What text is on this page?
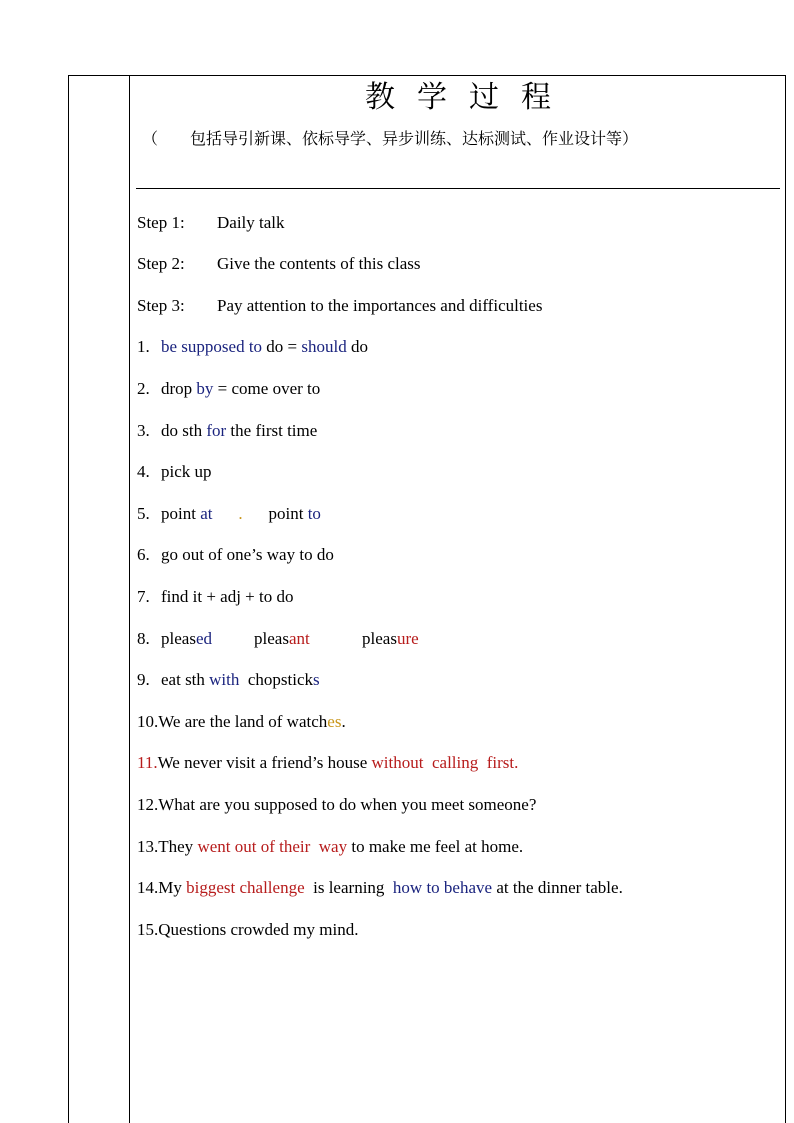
教学过程
（　　包括导引新课、依标导学、异步训练、达标测试、作业设计等）
Step 1: Daily talk
Step 2: Give the contents of this class
Step 3: Pay attention to the importances and difficulties
1. be supposed to do = should do
2. drop by = come over to
3. do sth for the first time
4. pick up
5. point at . point to
6. go out of one’s way to do
7. find it + adj + to do
8. pleased pleasant	pleasure
9. eat sth with  chopsticks
10.We are the land of watches.
11.We never visit a friend’s house without  calling  first.
12.What are you supposed to do when you meet someone?
13.They went out of their  way to make me feel at home.
14.My biggest challenge  is learning  how to behave at the dinner table.
15.Questions crowded my mind.
